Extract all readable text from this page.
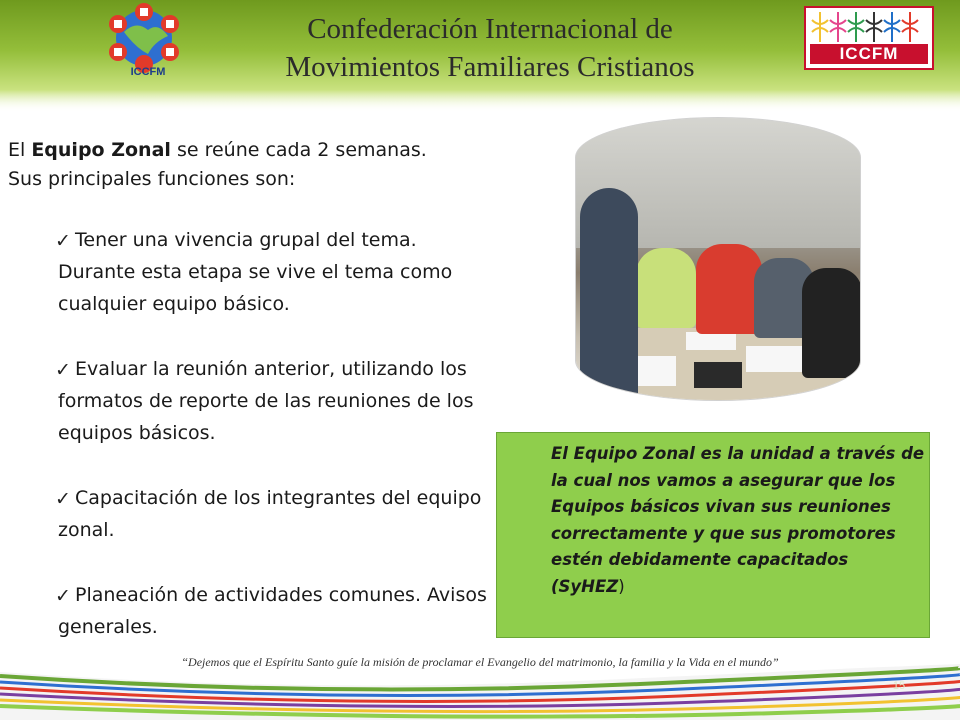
ICCFM
Confederación Internacional de
Movimientos Familiares Cristianos	ICCFM
El Equipo Zonal se reúne cada 2 semanas.
Sus principales funciones son:
✓ Tener una vivencia grupal del tema. Durante esta etapa se vive el tema como cualquier equipo básico.
✓ Evaluar la reunión anterior, utilizando los formatos de reporte de las reuniones de los equipos básicos.
✓ Capacitación de los integrantes del equipo zonal.
✓ Planeación de actividades comunes. Avisos generales.
El Equipo Zonal es la unidad a través de la cual nos vamos a asegurar que los Equipos básicos vivan sus reuniones correctamente y que sus promotores estén debidamente capacitados (SyHEZ)
“Dejemos que el Espíritu Santo guíe la misión de proclamar el Evangelio del matrimonio, la familia y la Vida en el mundo”
15
